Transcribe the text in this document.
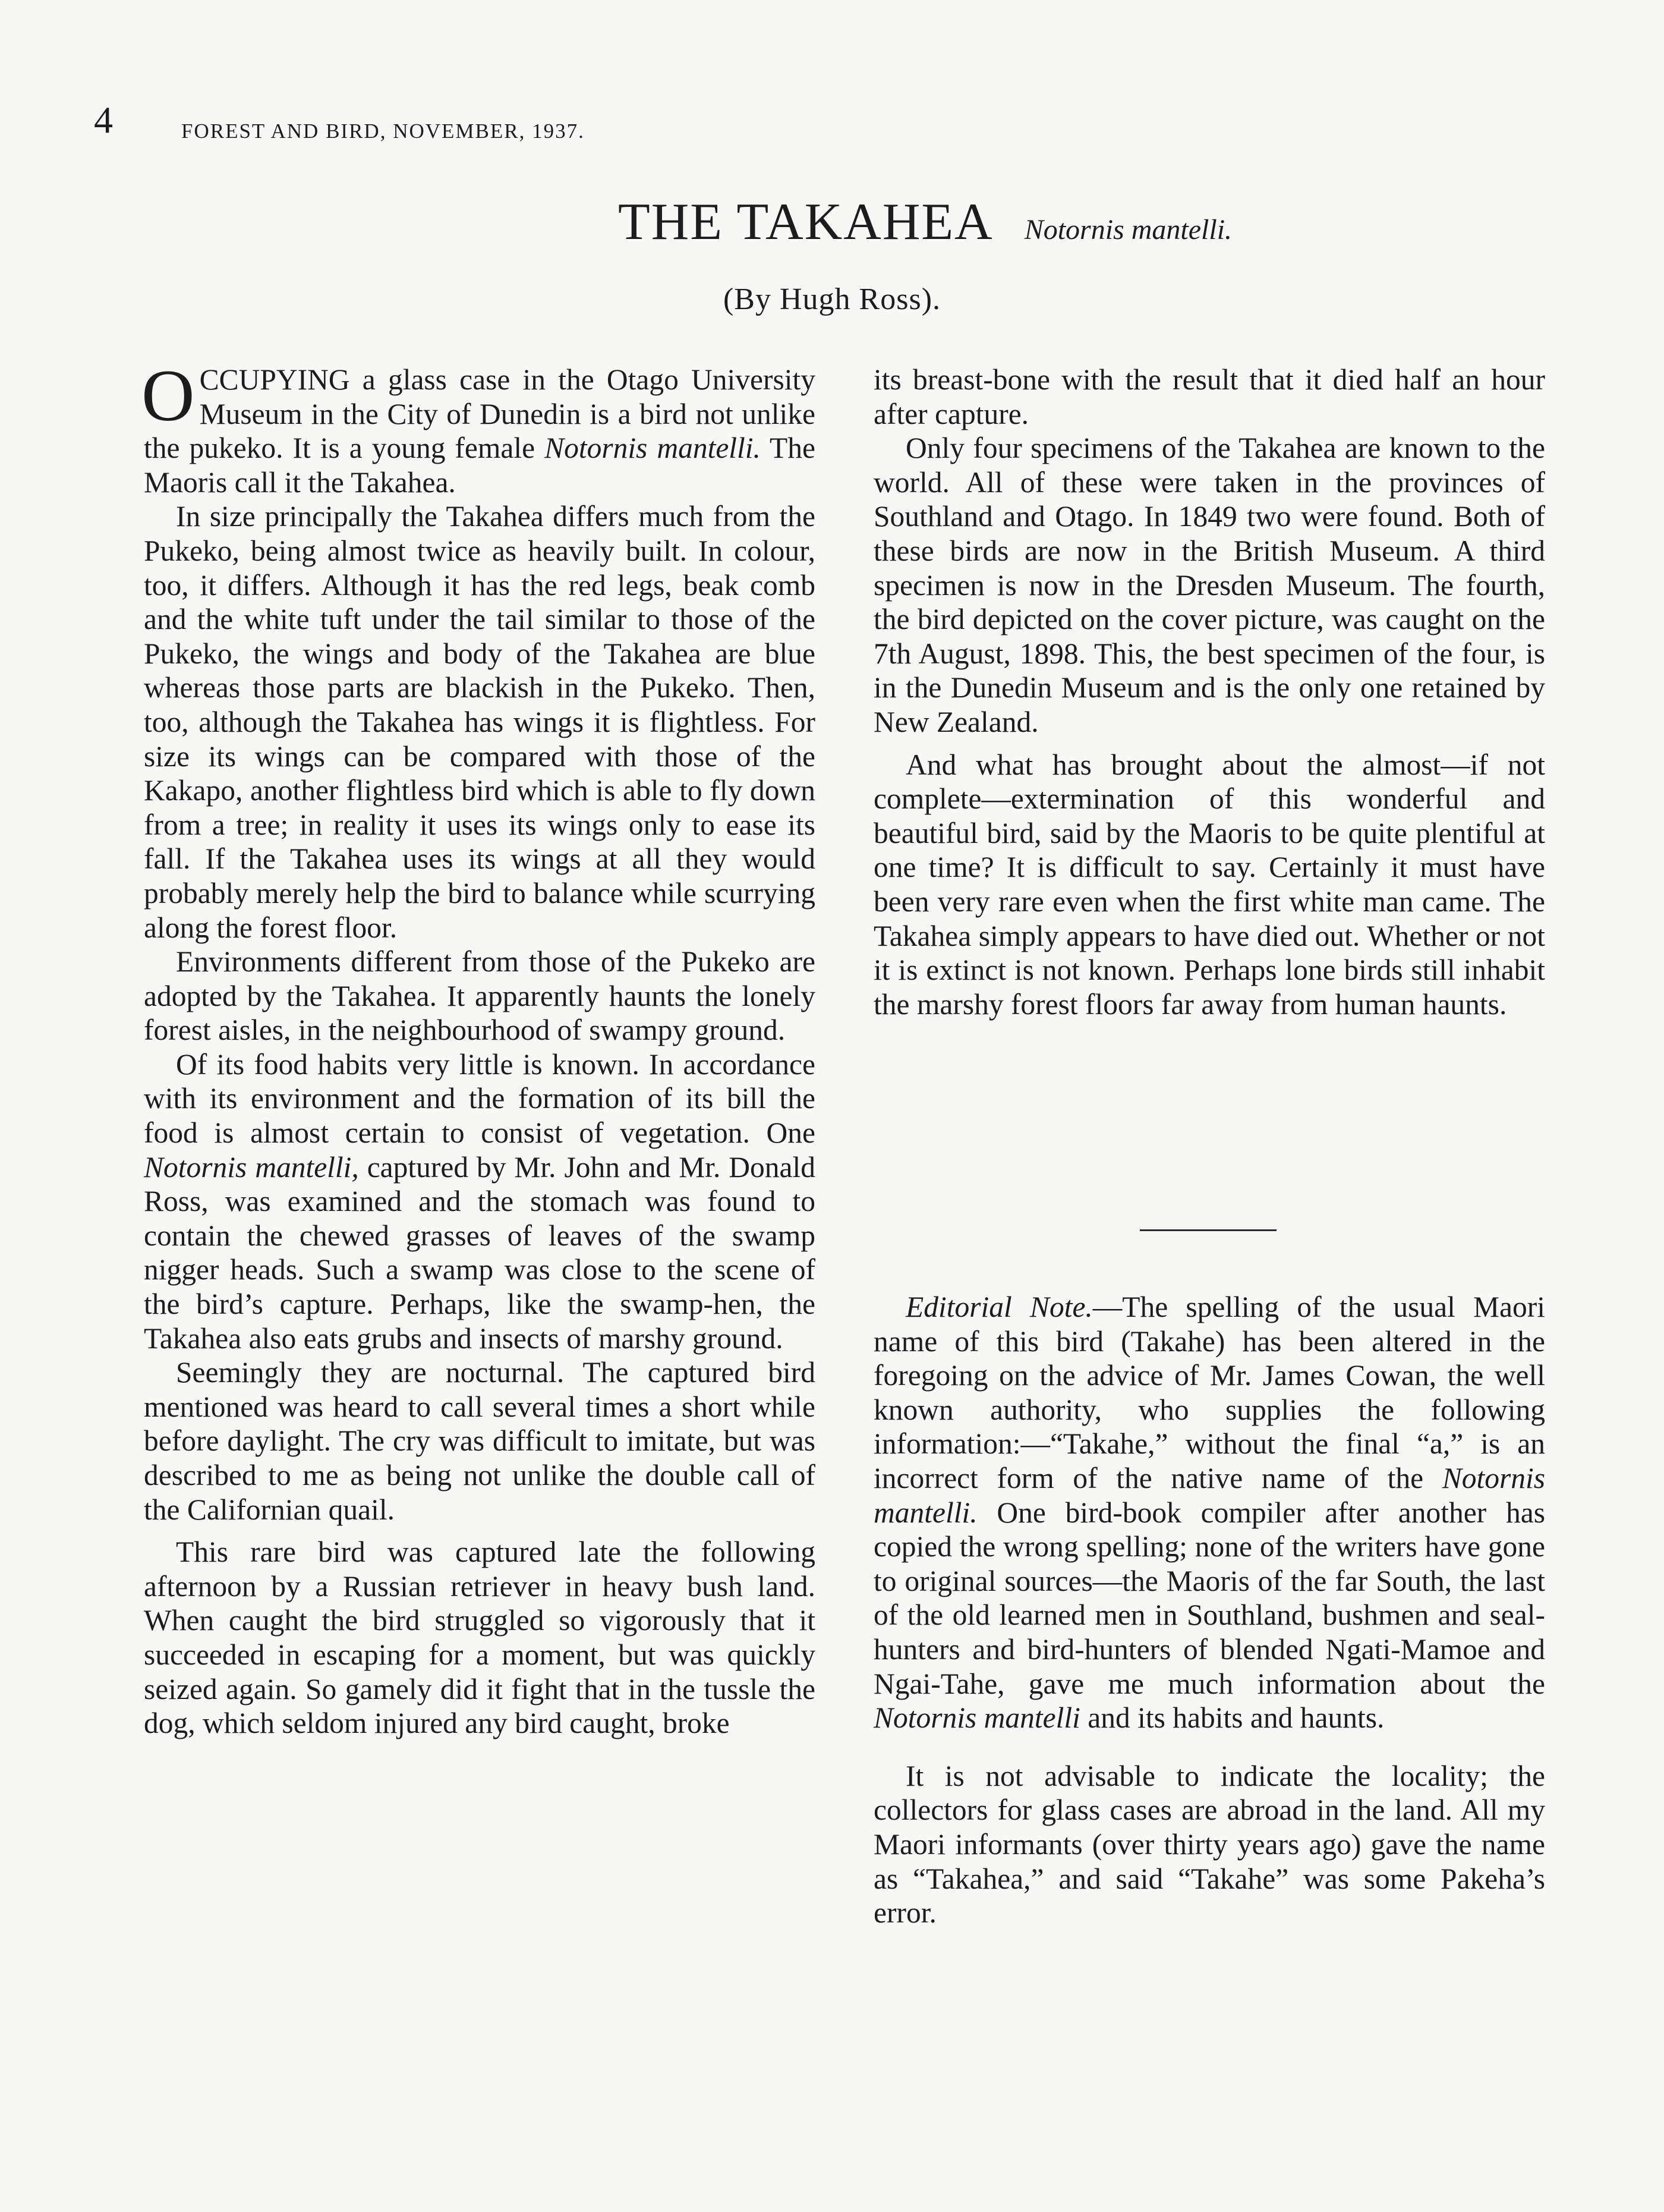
4	FOREST AND BIRD, NOVEMBER, 1937.
THE TAKAHEA Notornis mantelli.
(By Hugh Ross).

OCCUPYING a glass case in the Otago University Museum in the City of Dunedin is a bird not unlike the pukeko. It is a young female Notornis mantelli. The Maoris call it the Takahea.

In size principally the Takahea differs much from the Pukeko, being almost twice as heavily built. In colour, too, it differs. Although it has the red legs, beak comb and the white tuft under the tail similar to those of the Pukeko, the wings and body of the Takahea are blue whereas those parts are blackish in the Pukeko. Then, too, although the Takahea has wings it is flightless. For size its wings can be compared with those of the Kakapo, another flightless bird which is able to fly down from a tree; in reality it uses its wings only to ease its fall. If the Takahea uses its wings at all they would probably merely help the bird to balance while scurrying along the forest floor.

Environments different from those of the Pukeko are adopted by the Takahea. It apparently haunts the lonely forest aisles, in the neighbourhood of swampy ground.

Of its food habits very little is known. In accordance with its environment and the formation of its bill the food is almost certain to consist of vegetation. One Notornis mantelli, captured by Mr. John and Mr. Donald Ross, was examined and the stomach was found to contain the chewed grasses of leaves of the swamp nigger heads. Such a swamp was close to the scene of the bird’s capture. Perhaps, like the swamp-hen, the Takahea also eats grubs and insects of marshy ground.

Seemingly they are nocturnal. The captured bird mentioned was heard to call several times a short while before daylight. The cry was difficult to imitate, but was described to me as being not unlike the double call of the Californian quail.

This rare bird was captured late the following afternoon by a Russian retriever in heavy bush land. When caught the bird struggled so vigorously that it succeeded in escaping for a moment, but was quickly seized again. So gamely did it fight that in the tussle the dog, which seldom injured any bird caught, broke

its breast-bone with the result that it died half an hour after capture.

Only four specimens of the Takahea are known to the world. All of these were taken in the provinces of Southland and Otago. In 1849 two were found. Both of these birds are now in the British Museum. A third specimen is now in the Dresden Museum. The fourth, the bird depicted on the cover picture, was caught on the 7th August, 1898. This, the best specimen of the four, is in the Dunedin Museum and is the only one retained by New Zealand.

And what has brought about the almost—if not complete—extermination of this wonderful and beautiful bird, said by the Maoris to be quite plentiful at one time? It is difficult to say. Certainly it must have been very rare even when the first white man came. The Takahea simply appears to have died out. Whether or not it is extinct is not known. Perhaps lone birds still inhabit the marshy forest floors far away from human haunts.

Editorial Note.—The spelling of the usual Maori name of this bird (Takahe) has been altered in the foregoing on the advice of Mr. James Cowan, the well known authority, who supplies the following information:—“Takahe,” without the final “a,” is an incorrect form of the native name of the Notornis mantelli. One bird-book compiler after another has copied the wrong spelling; none of the writers have gone to original sources—the Maoris of the far South, the last of the old learned men in Southland, bushmen and seal-hunters and bird-hunters of blended Ngati-Mamoe and Ngai-Tahe, gave me much information about the Notornis mantelli and its habits and haunts.

It is not advisable to indicate the locality; the collectors for glass cases are abroad in the land. All my Maori informants (over thirty years ago) gave the name as “Takahea,” and said “Takahe” was some Pakeha’s error.
